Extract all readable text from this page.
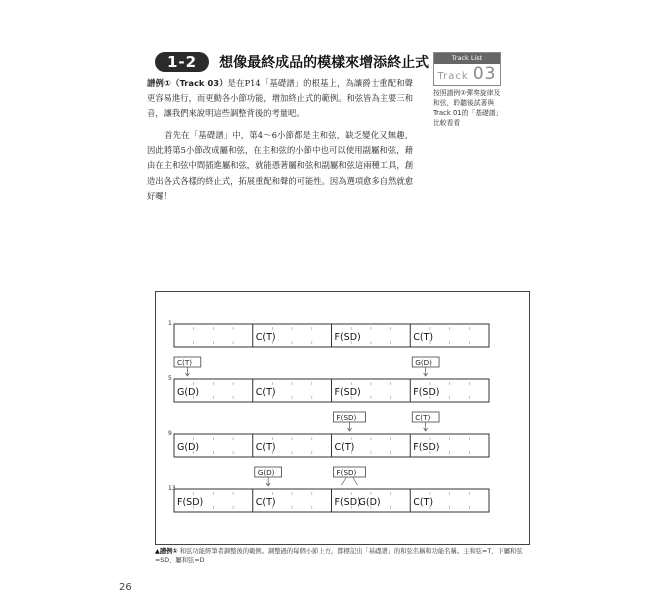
1-2	想像最終成品的模樣來增添終止式

譜例①（Track 03）是在P14「基礎譜」的根基上，為讓爵士重配和聲更容易進行，而更動各小節功能，增加終止式的範例。和弦皆為主要三和音，讓我們來說明這些調整背後的考量吧。

首先在「基礎譜」中，第4～6小節都是主和弦，缺乏變化又無趣，因此將第5小節改成屬和弦，在主和弦的小節中也可以使用副屬和弦，藉由在主和弦中間插進屬和弦，就能憑著屬和弦和副屬和弦這兩種工具，創造出各式各樣的終止式，拓展重配和聲的可能性。因為選項愈多自然就愈好囉！

Track List
Track 03
按照譜例①彈奏旋律及和弦，聆聽後試著與Track 01的「基礎譜」比較看看
1
C(T)	F(SD)	C(T)
5
G(D)	C(T)	F(SD)	F(SD)
C(T)	G(D)
9
G(D)	C(T)	C(T)	F(SD)
F(SD)	C(T)
13
F(SD)	C(T)	F(SD)
G(D)	C(T)
G(D)	F(SD)
▲譜例① 和弦功能經筆者調整後的範例。調整過的每個小節上方，都標記出「基礎譜」的和弦名稱和功能名稱。主和弦=T、下屬和弦=SD、屬和弦=D
26
